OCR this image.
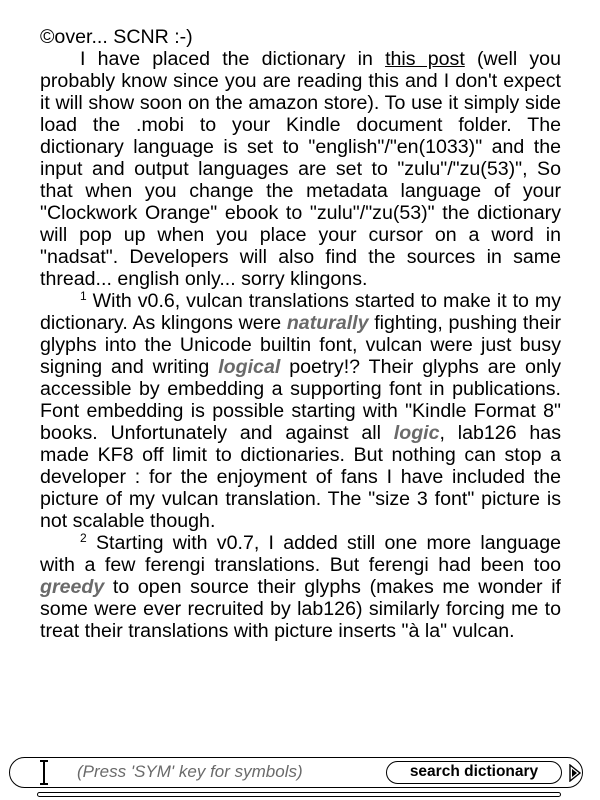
©over... SCNR :-)

I have placed the dictionary in this post (well you probably know since you are reading this and I don't expect it will show soon on the amazon store). To use it simply side load the .mobi to your Kindle document folder. The dictionary language is set to "english"/"en(1033)" and the input and output languages are set to "zulu"/"zu(53)", So that when you change the metadata language of your "Clockwork Orange" ebook to "zulu"/"zu(53)" the dictionary will pop up when you place your cursor on a word in "nadsat". Developers will also find the sources in same thread... english only... sorry klingons.

$^1$ With v0.6, vulcan translations started to make it to my dictionary. As klingons were naturally fighting, pushing their glyphs into the Unicode builtin font, vulcan were just busy signing and writing logical poetry!? Their glyphs are only accessible by embedding a supporting font in publications. Font embedding is possible starting with "Kindle Format 8" books. Unfortunately and against all logic, lab126 has made KF8 off limit to dictionaries. But nothing can stop a developer : for the enjoyment of fans I have included the picture of my vulcan translation. The "size 3 font" picture is not scalable though.

$^2$ Starting with v0.7, I added still one more language with a few ferengi translations. But ferengi had been too greedy to open source their glyphs (makes me wonder if some were ever recruited by lab126) similarly forcing me to treat their translations with picture inserts "à la" vulcan.

(Press 'SYM' key for symbols)	search dictionary
